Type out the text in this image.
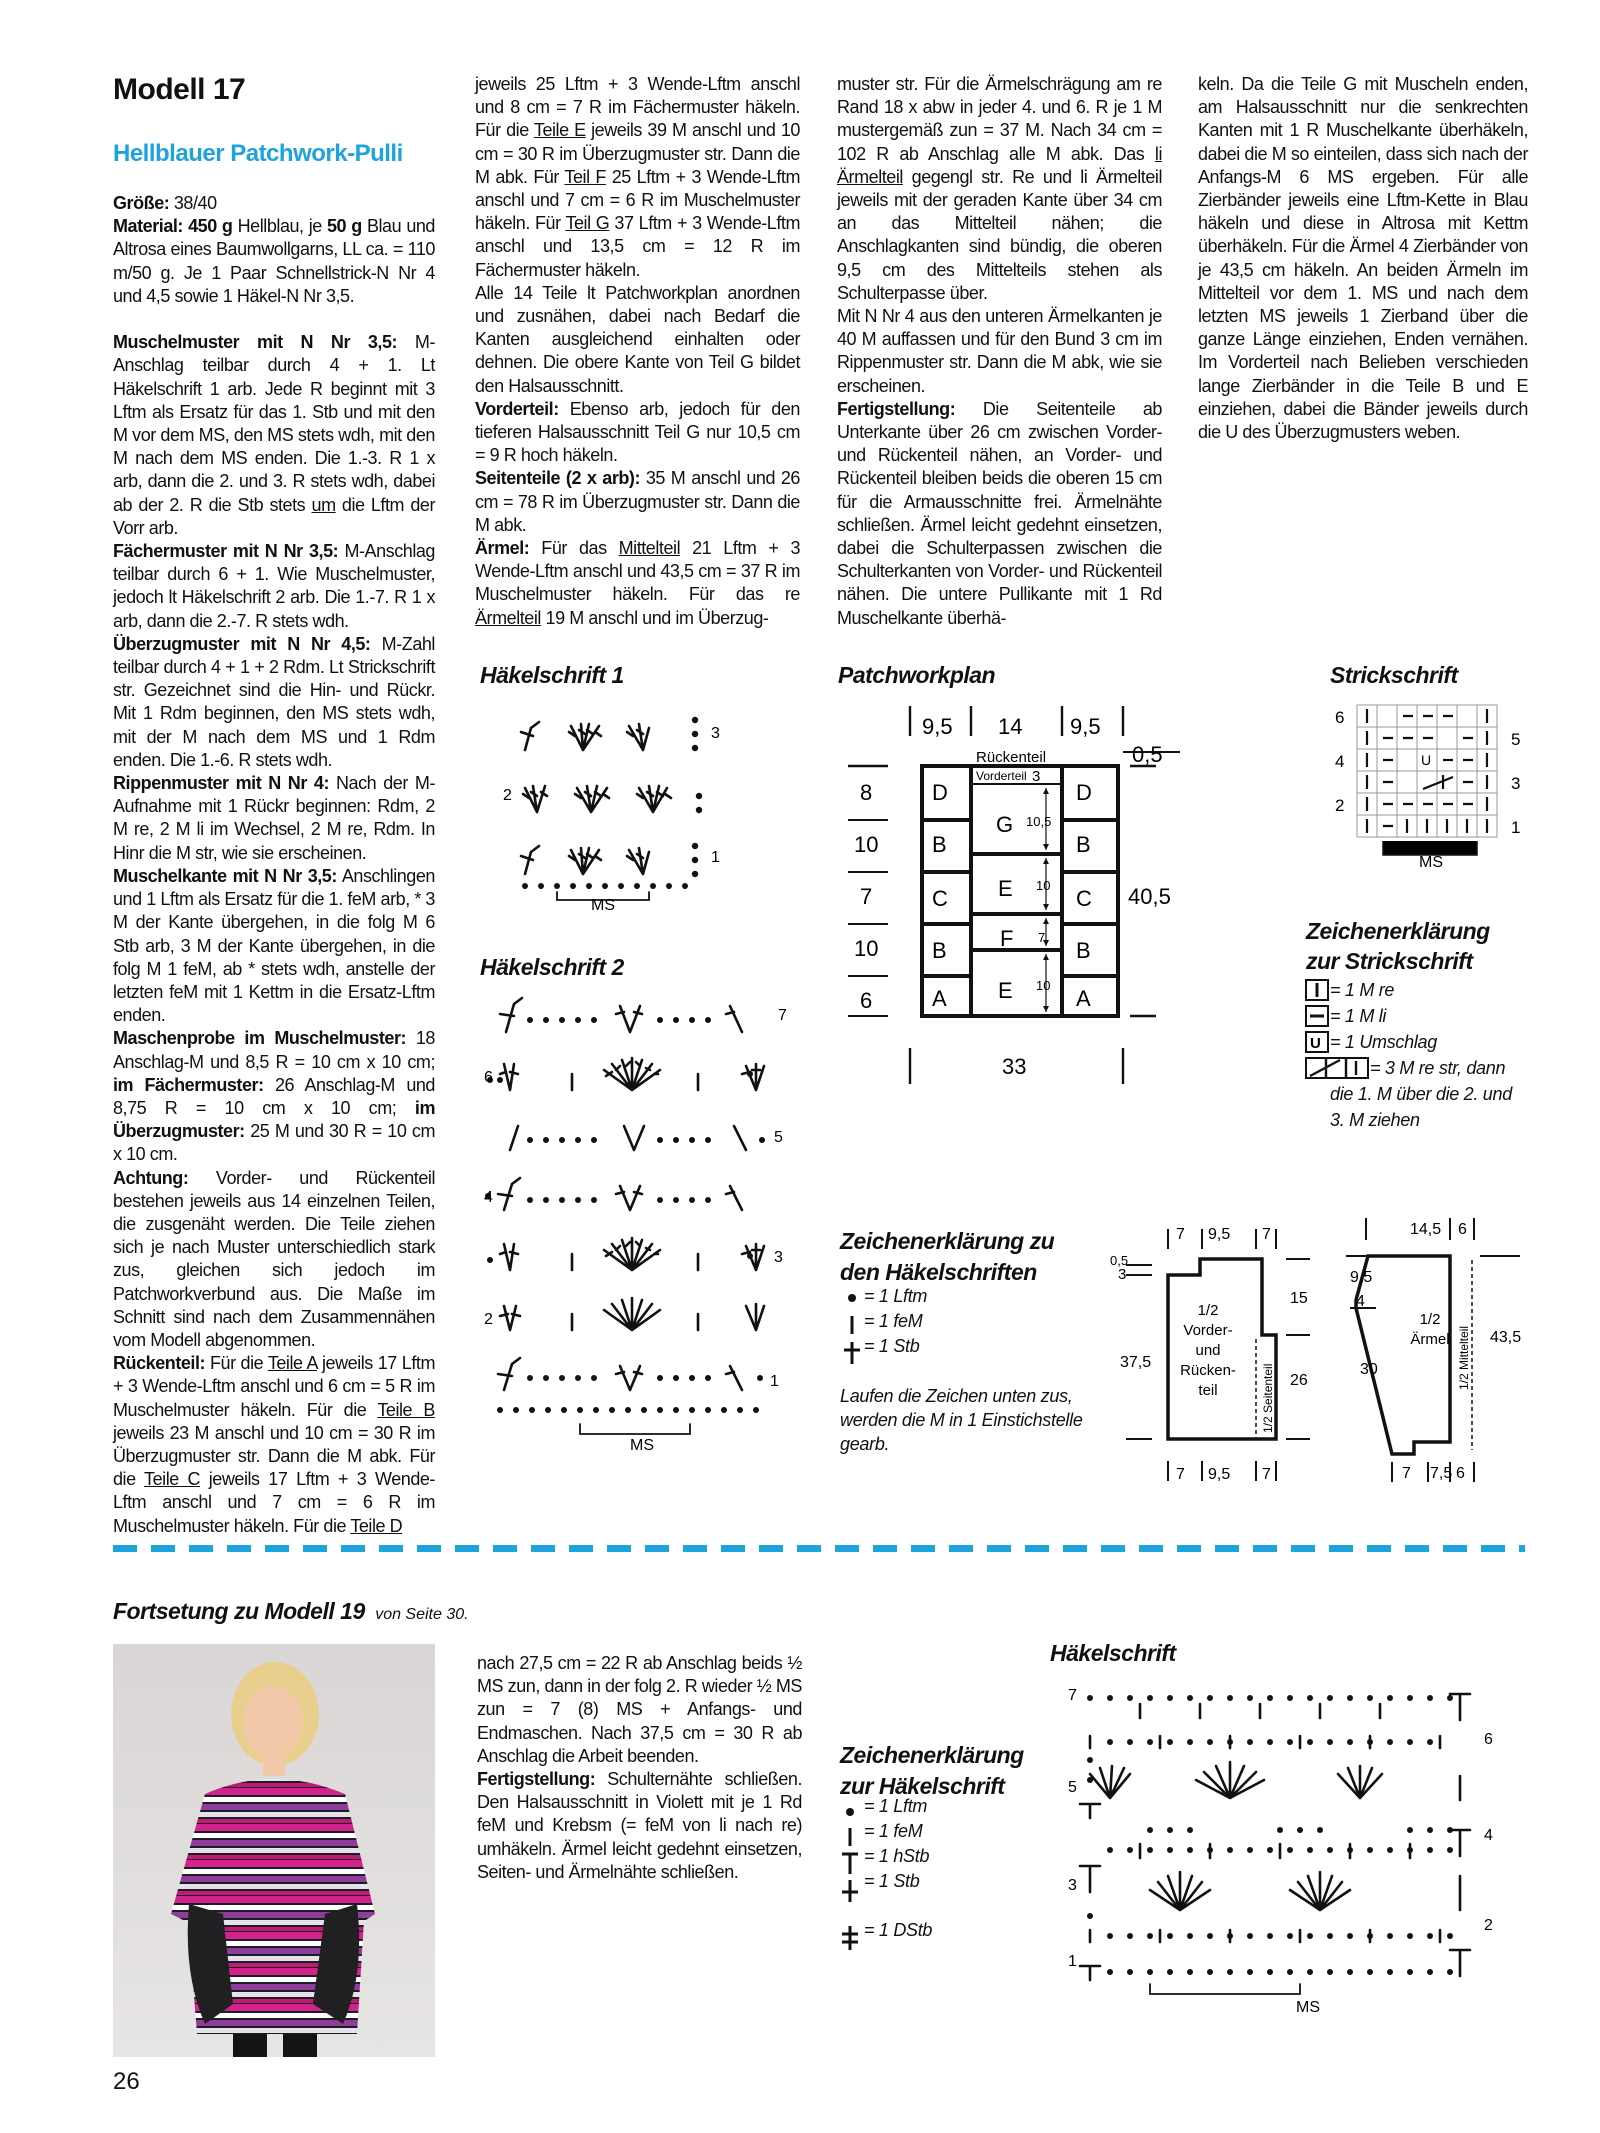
Modell 17
Hellblauer Patchwork-Pulli

Größe: 38/40

Material: 450 g Hellblau, je 50 g Blau und Altrosa eines Baumwollgarns, LL ca. = 110 m/50 g. Je 1 Paar Schnellstrick-N Nr 4 und 4,5 sowie 1 Häkel-N Nr 3,5.

Muschelmuster mit N Nr 3,5: M-Anschlag teilbar durch 4 + 1. Lt Häkelschrift 1 arb. Jede R beginnt mit 3 Lftm als Ersatz für das 1. Stb und mit den M vor dem MS, den MS stets wdh, mit den M nach dem MS enden. Die 1.-3. R 1 x arb, dann die 2. und 3. R stets wdh, dabei ab der 2. R die Stb stets um die Lftm der Vorr arb.

Fächermuster mit N Nr 3,5: M-Anschlag teilbar durch 6 + 1. Wie Muschelmuster, jedoch lt Häkelschrift 2 arb. Die 1.-7. R 1 x arb, dann die 2.-7. R stets wdh.

Überzugmuster mit N Nr 4,5: M-Zahl teilbar durch 4 + 1 + 2 Rdm. Lt Strickschrift str. Gezeichnet sind die Hin- und Rückr. Mit 1 Rdm beginnen, den MS stets wdh, mit der M nach dem MS und 1 Rdm enden. Die 1.-6. R stets wdh.

Rippenmuster mit N Nr 4: Nach der M-Aufnahme mit 1 Rückr beginnen: Rdm, 2 M re, 2 M li im Wechsel, 2 M re, Rdm. In Hinr die M str, wie sie erscheinen.

Muschelkante mit N Nr 3,5: Anschlingen und 1 Lftm als Ersatz für die 1. feM arb, * 3 M der Kante übergehen, in die folg M 6 Stb arb, 3 M der Kante übergehen, in die folg M 1 feM, ab * stets wdh, anstelle der letzten feM mit 1 Kettm in die Ersatz-Lftm enden.

Maschenprobe im Muschelmuster: 18 Anschlag-M und 8,5 R = 10 cm x 10 cm; im Fächermuster: 26 Anschlag-M und 8,75 R = 10 cm x 10 cm; im Überzugmuster: 25 M und 30 R = 10 cm x 10 cm.

Achtung: Vorder- und Rückenteil bestehen jeweils aus 14 einzelnen Teilen, die zusgenäht werden. Die Teile ziehen sich je nach Muster unterschiedlich stark zus, gleichen sich jedoch im Patchworkverbund aus. Die Maße im Schnitt sind nach dem Zusammennähen vom Modell abgenommen.

Rückenteil: Für die Teile A jeweils 17 Lftm + 3 Wende-Lftm anschl und 6 cm = 5 R im Muschelmuster häkeln. Für die Teile B jeweils 23 M anschl und 10 cm = 30 R im Überzugmuster str. Dann die M abk. Für die Teile C jeweils 17 Lftm + 3 Wende-Lftm anschl und 7 cm = 6 R im Muschelmuster häkeln. Für die Teile D

jeweils 25 Lftm + 3 Wende-Lftm anschl und 8 cm = 7 R im Fächermuster häkeln. Für die Teile E jeweils 39 M anschl und 10 cm = 30 R im Überzugmuster str. Dann die M abk. Für Teil F 25 Lftm + 3 Wende-Lftm anschl und 7 cm = 6 R im Muschelmuster häkeln. Für Teil G 37 Lftm + 3 Wende-Lftm anschl und 13,5 cm = 12 R im Fächermuster häkeln.

Alle 14 Teile lt Patchworkplan anordnen und zusnähen, dabei nach Bedarf die Kanten ausgleichend einhalten oder dehnen. Die obere Kante von Teil G bildet den Halsausschnitt.

Vorderteil: Ebenso arb, jedoch für den tieferen Halsausschnitt Teil G nur 10,5 cm = 9 R hoch häkeln.

Seitenteile (2 x arb): 35 M anschl und 26 cm = 78 R im Überzugmuster str. Dann die M abk.

Ärmel: Für das Mittelteil 21 Lftm + 3 Wende-Lftm anschl und 43,5 cm = 37 R im Muschelmuster häkeln. Für das re Ärmelteil 19 M anschl und im Überzug-

muster str. Für die Ärmelschrägung am re Rand 18 x abw in jeder 4. und 6. R je 1 M mustergemäß zun = 37 M. Nach 34 cm = 102 R ab Anschlag alle M abk. Das li Ärmelteil gegengl str. Re und li Ärmelteil jeweils mit der geraden Kante über 34 cm an das Mittelteil nähen; die Anschlagkanten sind bündig, die oberen 9,5 cm des Mittelteils stehen als Schulterpasse über.

Mit N Nr 4 aus den unteren Ärmelkanten je 40 M auffassen und für den Bund 3 cm im Rippenmuster str. Dann die M abk, wie sie erscheinen.

Fertigstellung: Die Seitenteile ab Unterkante über 26 cm zwischen Vorder- und Rückenteil nähen, an Vorder- und Rückenteil bleiben beids die oberen 15 cm für die Armausschnitte frei. Ärmelnähte schließen. Ärmel leicht gedehnt einsetzen, dabei die Schulterpassen zwischen die Schulterkanten von Vorder- und Rückenteil nähen. Die untere Pullikante mit 1 Rd Muschelkante überhä-

keln. Da die Teile G mit Muscheln enden, am Halsausschnitt nur die senkrechten Kanten mit 1 R Muschelkante überhäkeln, dabei die M so einteilen, dass sich nach der Anfangs-M 6 MS ergeben. Für alle Zierbänder jeweils eine Lftm-Kette in Blau häkeln und diese in Altrosa mit Kettm überhäkeln. Für die Ärmel 4 Zierbänder von je 43,5 cm häkeln. An beiden Ärmeln im Mittelteil vor dem 1. MS und nach dem letzten MS jeweils 1 Zierband über die ganze Länge einziehen, Enden vernähen. Im Vorderteil nach Belieben verschieden lange Zierbänder in die Teile B und E einziehen, dabei die Bänder jeweils durch die U des Überzugmusters weben.

Häkelschrift 1
3
2
1
MS
Häkelschrift 2
7
6
5
4
3
2
1
MS
Patchworkplan
9,5 14 9,5
0,5
8
10
7
10
6
D
B
C
B
A
D
B
C
B
A
G
E
F
E
40,5
33
Rückenteil
Vorderteil 3
10,5
10
7
10
Strickschrift
U
6
4
2
5
3
1
MS
Zeichenerklärung
zur Strickschrift
U
= 1 M re
= 1 M li
= 1 Umschlag
= 3 M re str, dann
die 1. M über die 2. und
3. M ziehen
Zeichenerklärung zu
den Häkelschriften
= 1 Lftm
= 1 feM
= 1 Stb
Laufen die Zeichen unten zus,
werden die M in 1 Einstichstelle
gearb.
7 9,5 7
7 9,5 7
37,5
15
26
0,5
3
1/2
Vorder-
und
Rücken-
teil	1/2 Seitenteil
14,5 6
7 7,5 6
9,5
4
30
43,5
1/2
Ärmel 1/2 Mittelteil
Fortsetung zu Modell 19 von Seite 30.

nach 27,5 cm = 22 R ab Anschlag beids ½ MS zun, dann in der folg 2. R wieder ½ MS zun = 7 (8) MS + Anfangs- und Endmaschen. Nach 37,5 cm = 30 R ab Anschlag die Arbeit beenden.

Fertigstellung: Schulternähte schließen. Den Halsausschnitt in Violett mit je 1 Rd feM und Krebsm (= feM von li nach re) umhäkeln. Ärmel leicht gedehnt einsetzen, Seiten- und Ärmelnähte schließen.

Zeichenerklärung
zur Häkelschrift
= 1 Lftm
= 1 feM
= 1 hStb
= 1 Stb
= 1 DStb
Häkelschrift
7
5
3
1
6
4
2
MS
26
